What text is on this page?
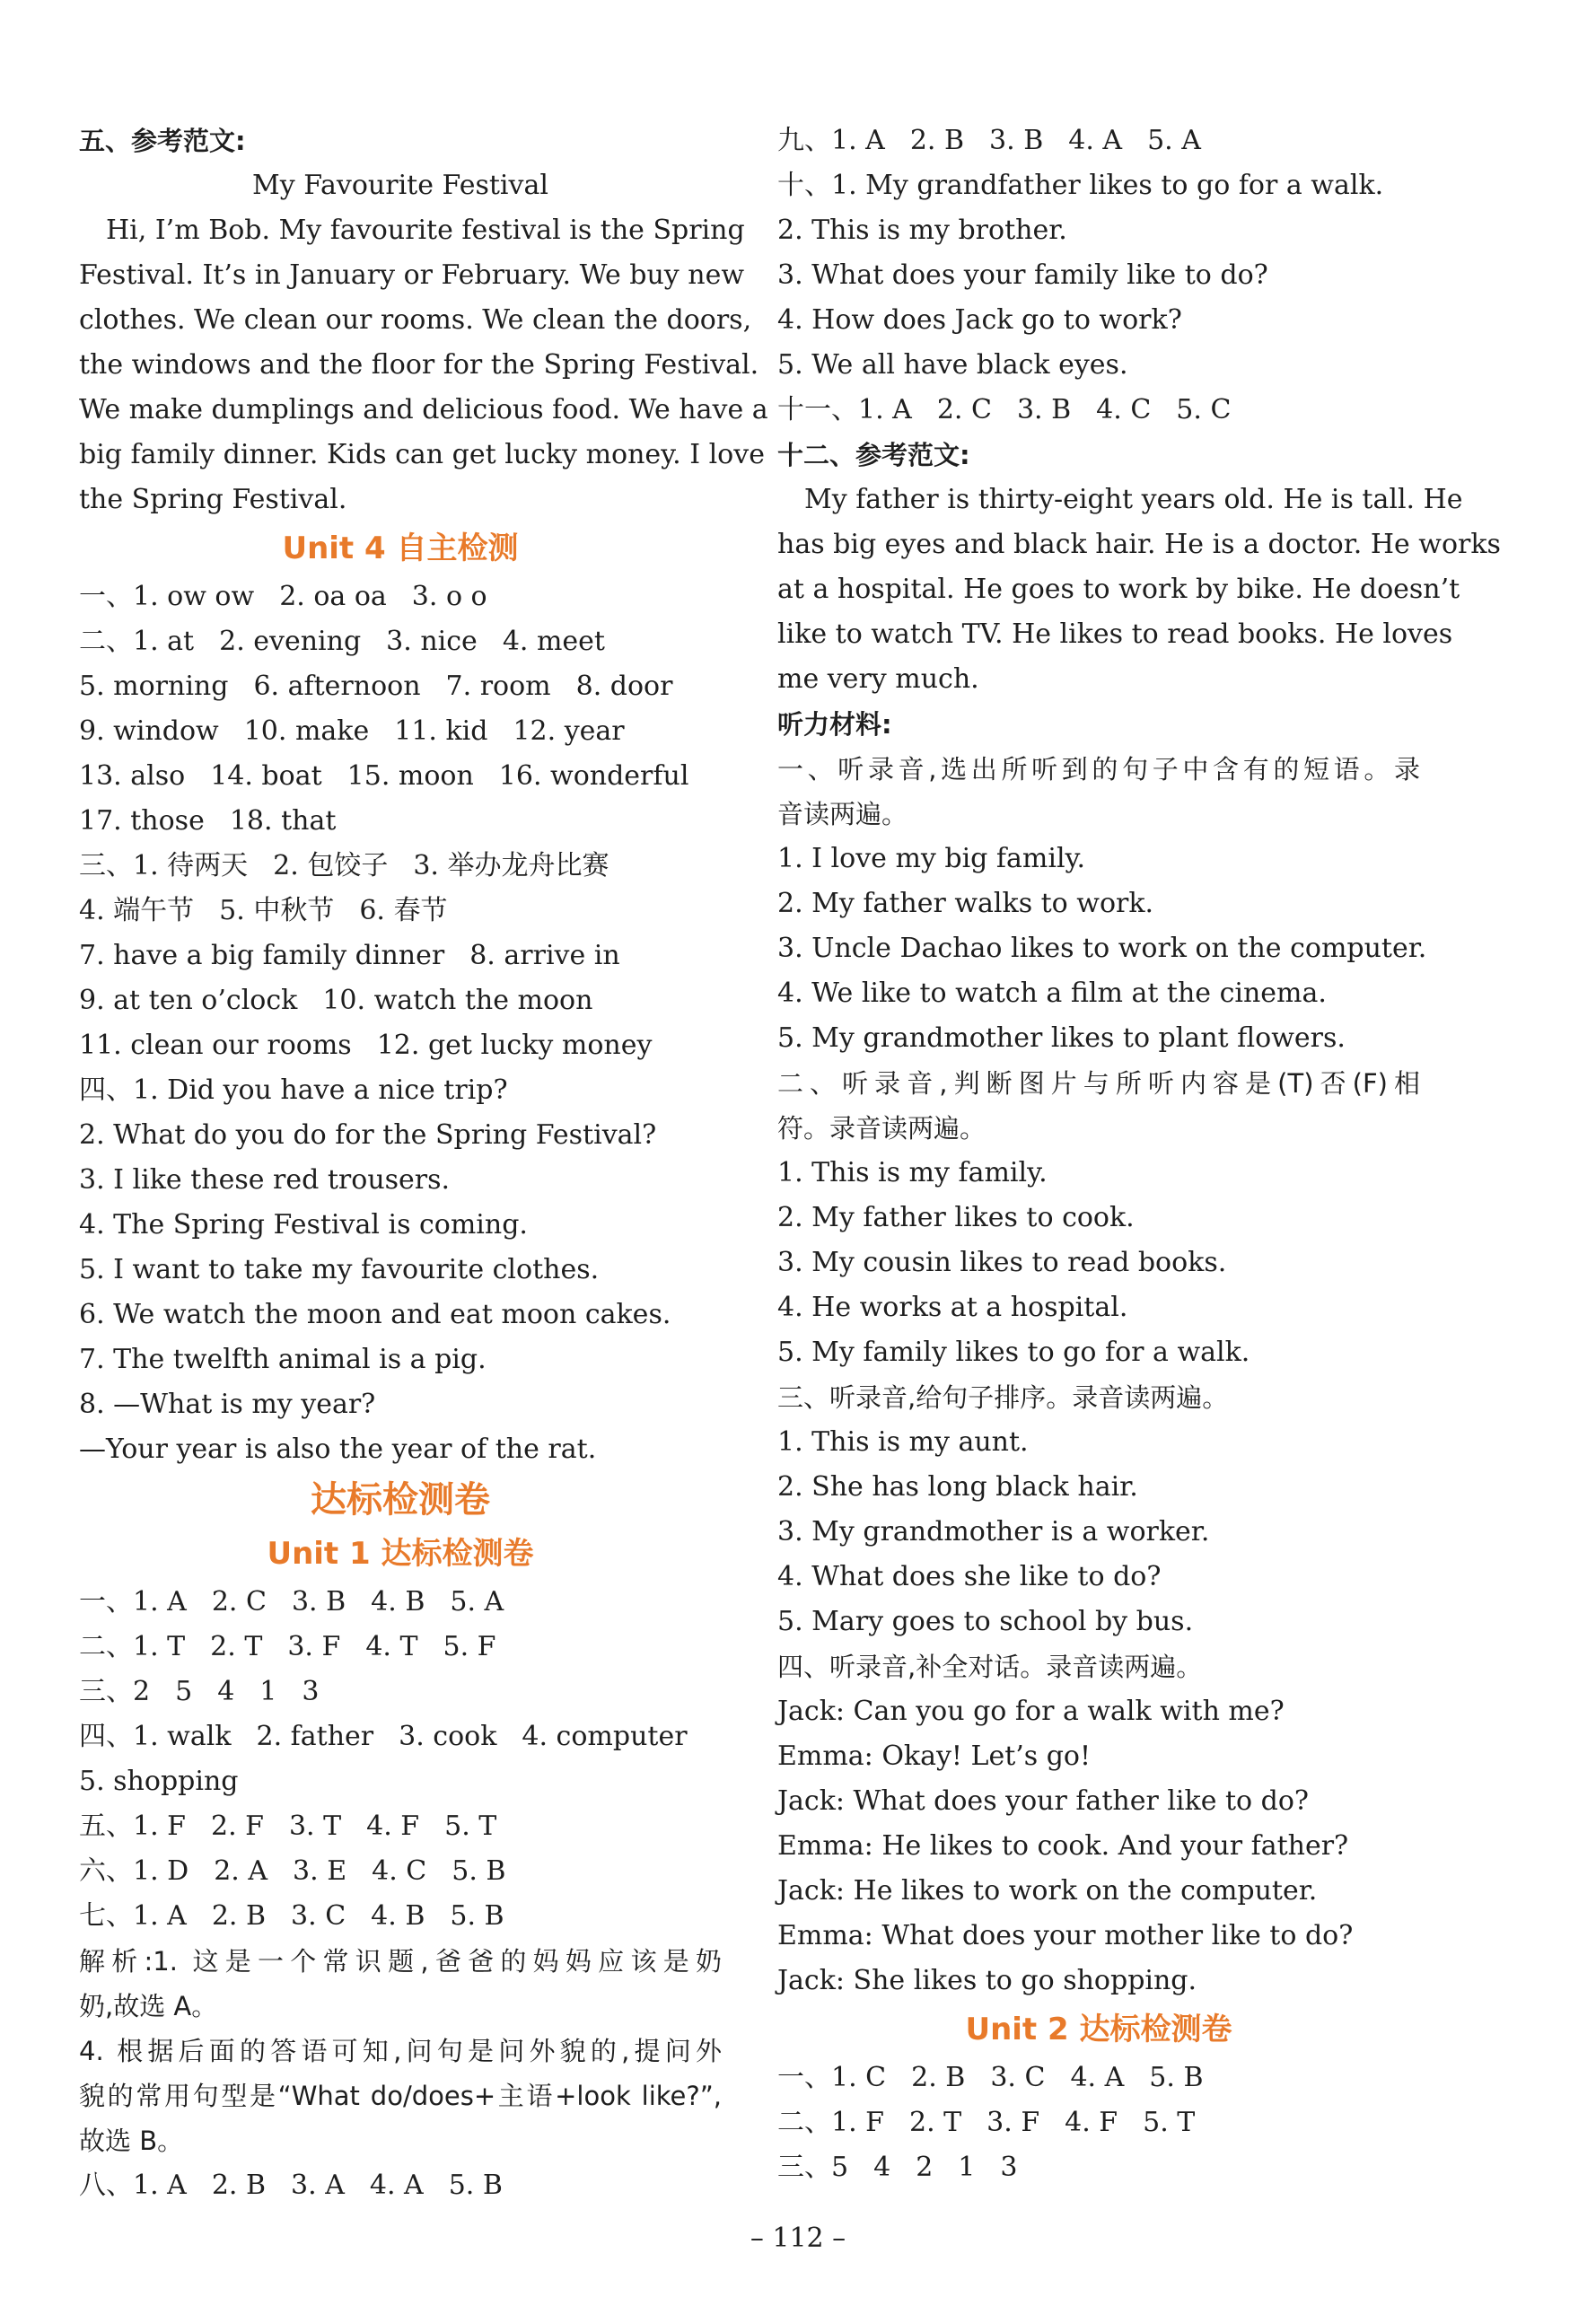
五、参考范文:
My Favourite Festival
Hi, I’m Bob. My favourite festival is the Spring
Festival. It’s in January or February. We buy new
clothes. We clean our rooms. We clean the doors,
the windows and the floor for the Spring Festival.
We make dumplings and delicious food. We have a
big family dinner. Kids can get lucky money. I love
the Spring Festival.
Unit 4 自主检测
一、1. ow ow 2. oa oa 3. o o
二、1. at 2. evening 3. nice 4. meet
5. morning 6. afternoon 7. room 8. door
9. window 10. make 11. kid 12. year
13. also 14. boat 15. moon 16. wonderful
17. those 18. that
三、1. 待两天 2. 包饺子 3. 举办龙舟比赛
4. 端午节 5. 中秋节 6. 春节
7. have a big family dinner 8. arrive in
9. at ten o’clock 10. watch the moon
11. clean our rooms 12. get lucky money
四、1. Did you have a nice trip?
2. What do you do for the Spring Festival?
3. I like these red trousers.
4. The Spring Festival is coming.
5. I want to take my favourite clothes.
6. We watch the moon and eat moon cakes.
7. The twelfth animal is a pig.
8. —What is my year?
—Your year is also the year of the rat.
达标检测卷
Unit 1 达标检测卷
一、1. A 2. C 3. B 4. B 5. A
二、1. T 2. T 3. F 4. T 5. F
三、2 5 4 1 3
四、1. walk 2. father 3. cook 4. computer
5. shopping
五、1. F 2. F 3. T 4. F 5. T
六、1. D 2. A 3. E 4. C 5. B
七、1. A 2. B 3. C 4. B 5. B
解析:1. 这是一个常识题,爸爸的妈妈应该是奶
奶,故选 A。
4. 根据后面的答语可知,问句是问外貌的,提问外
貌的常用句型是“What do/does+主语+look like?”,
故选 B。
八、1. A 2. B 3. A 4. A 5. B
九、1. A 2. B 3. B 4. A 5. A
十、1. My grandfather likes to go for a walk.
2. This is my brother.
3. What does your family like to do?
4. How does Jack go to work?
5. We all have black eyes.
十一、1. A 2. C 3. B 4. C 5. C
十二、参考范文:
My father is thirty-eight years old. He is tall. He
has big eyes and black hair. He is a doctor. He works
at a hospital. He goes to work by bike. He doesn’t
like to watch TV. He likes to read books. He loves
me very much.
听力材料:
一、听录音,选出所听到的句子中含有的短语。录
音读两遍。
1. I love my big family.
2. My father walks to work.
3. Uncle Dachao likes to work on the computer.
4. We like to watch a film at the cinema.
5. My grandmother likes to plant flowers.
二、听录音,判断图片与所听内容是(T)否(F)相
符。录音读两遍。
1. This is my family.
2. My father likes to cook.
3. My cousin likes to read books.
4. He works at a hospital.
5. My family likes to go for a walk.
三、听录音,给句子排序。录音读两遍。
1. This is my aunt.
2. She has long black hair.
3. My grandmother is a worker.
4. What does she like to do?
5. Mary goes to school by bus.
四、听录音,补全对话。录音读两遍。
Jack: Can you go for a walk with me?
Emma: Okay! Let’s go!
Jack: What does your father like to do?
Emma: He likes to cook. And your father?
Jack: He likes to work on the computer.
Emma: What does your mother like to do?
Jack: She likes to go shopping.
Unit 2 达标检测卷
一、1. C 2. B 3. C 4. A 5. B
二、1. F 2. T 3. F 4. F 5. T
三、5 4 2 1 3
– 112 –
